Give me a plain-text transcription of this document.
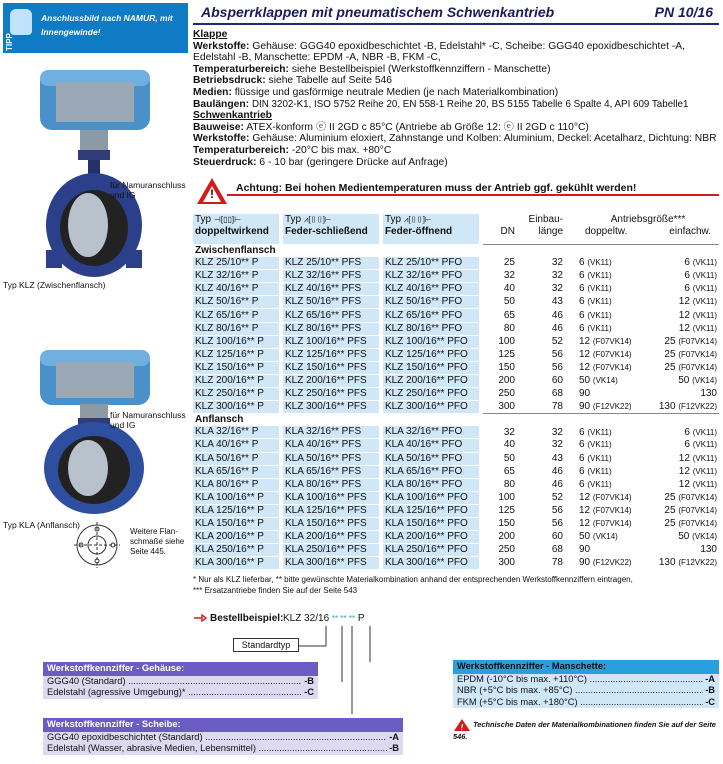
TIPP
Anschlussbild nach NAMUR, mit Innengewinde!
Absperrklappen mit pneumatischem Schwenkantrieb	PN 10/16
Klappe
Werkstoffe: Gehäuse: GGG40 epoxidbeschichtet -B, Edelstahl* -C, Scheibe: GGG40 epoxidbeschichtet -A, Edelstahl -B, Manschette: EPDM -A, NBR -B, FKM -C,
Temperaturbereich: siehe Bestellbeispiel (Werkstoffkennziffern - Manschette)
Betriebsdruck: siehe Tabelle auf Seite 546
Medien: flüssige und gasförmige neutrale Medien (je nach Materialkombination)
Baulängen: DIN 3202-K1, ISO 5752 Reihe 20, EN 558-1 Reihe 20, BS 5155 Tabelle 6 Spalte 4, API 609 Tabelle1
Schwenkantrieb
Bauweise: ATEX-konform ⓔ II 2GD c 85°C (Antriebe ab Größe 12: ⓔ II 2GD c 110°C)
Werkstoffe: Gehäuse: Aluminium eloxiert, Zahnstange und Kolben: Aluminium, Deckel: Acetalharz, Dichtung: NBR
Temperaturbereich: -20°C bis max. +80°C
Steuerdruck: 6 - 10 bar (geringere Drücke auf Anfrage)
!	Achtung: Bei hohen Medientemperaturen muss der Antrieb ggf. gekühlt werden!
für Namuranschluss und IG
Typ KLZ (Zwischenflansch)
für Namuranschluss und IG
Typ KLA (Anflansch)
Weitere Flan-schmaße siehe Seite 445.
Typ ⊣[▯▯]⊢
doppeltwirkend	Typ ⩘[▯▯]⊢
Feder-schließend	Typ ⩘[▯▯]⊢
Feder-öffnend	DN	Einbau-
länge	Antriebsgröße***
doppeltw. einfachw.	
Zwischenflansch						
KLZ 25/10** P	KLZ 25/10** PFS	KLZ 25/10** PFO	25	32	6 (VK11)	6 (VK11)
KLZ 32/16** P	KLZ 32/16** PFS	KLZ 32/16** PFO	32	32	6 (VK11)	6 (VK11)
KLZ 40/16** P	KLZ 40/16** PFS	KLZ 40/16** PFO	40	32	6 (VK11)	6 (VK11)
KLZ 50/16** P	KLZ 50/16** PFS	KLZ 50/16** PFO	50	43	6 (VK11)	12 (VK11)
KLZ 65/16** P	KLZ 65/16** PFS	KLZ 65/16** PFO	65	46	6 (VK11)	12 (VK11)
KLZ 80/16** P	KLZ 80/16** PFS	KLZ 80/16** PFO	80	46	6 (VK11)	12 (VK11)
KLZ 100/16** P	KLZ 100/16** PFS	KLZ 100/16** PFO	100	52	12 (F07VK14)	25 (F07VK14)
KLZ 125/16** P	KLZ 125/16** PFS	KLZ 125/16** PFO	125	56	12 (F07VK14)	25 (F07VK14)
KLZ 150/16** P	KLZ 150/16** PFS	KLZ 150/16** PFO	150	56	12 (F07VK14)	25 (F07VK14)
KLZ 200/16** P	KLZ 200/16** PFS	KLZ 200/16** PFO	200	60	50 (VK14)	50 (VK14)
KLZ 250/16** P	KLZ 250/16** PFS	KLZ 250/16** PFO	250	68	90	130
KLZ 300/16** P	KLZ 300/16** PFS	KLZ 300/16** PFO	300	78	90 (F12VK22)	130 (F12VK22)
Anflansch						
KLA 32/16** P	KLA 32/16** PFS	KLA 32/16** PFO	32	32	6 (VK11)	6 (VK11)
KLA 40/16** P	KLA 40/16** PFS	KLA 40/16** PFO	40	32	6 (VK11)	6 (VK11)
KLA 50/16** P	KLA 50/16** PFS	KLA 50/16** PFO	50	43	6 (VK11)	12 (VK11)
KLA 65/16** P	KLA 65/16** PFS	KLA 65/16** PFO	65	46	6 (VK11)	12 (VK11)
KLA 80/16** P	KLA 80/16** PFS	KLA 80/16** PFO	80	46	6 (VK11)	12 (VK11)
KLA 100/16** P	KLA 100/16** PFS	KLA 100/16** PFO	100	52	12 (F07VK14)	25 (F07VK14)
KLA 125/16** P	KLA 125/16** PFS	KLA 125/16** PFO	125	56	12 (F07VK14)	25 (F07VK14)
KLA 150/16** P	KLA 150/16** PFS	KLA 150/16** PFO	150	56	12 (F07VK14)	25 (F07VK14)
KLA 200/16** P	KLA 200/16** PFS	KLA 200/16** PFO	200	60	50 (VK14)	50 (VK14)
KLA 250/16** P	KLA 250/16** PFS	KLA 250/16** PFO	250	68	90	130
KLA 300/16** P	KLA 300/16** PFS	KLA 300/16** PFO	300	78	90 (F12VK22)	130 (F12VK22)
* Nur als KLZ lieferbar, ** bitte gewünschte Materialkombination anhand der entsprechenden Werkstoffkennziffern eintragen,
*** Ersatzantriebe finden Sie auf der Seite 543
Bestellbeispiel: KLZ 32/16 ** ** ** P
Standardtyp
Werkstoffkennziffer - Gehäuse:
GGG40 (Standard) .....	-B
Edelstahl (agressive Umgebung)* .....	-C
Werkstoffkennziffer - Scheibe:
GGG40 epoxidbeschichtet (Standard) .....	-A
Edelstahl (Wasser, abrasive Medien, Lebensmittel) .....	-B
Werkstoffkennziffer - Manschette:
EPDM (-10°C bis max. +110°C) .....	-A
NBR (+5°C bis max. +85°C) .....	-B
FKM (+5°C bis max. +180°C) .....	-C
! Technische Daten der Materialkombinationen finden Sie auf der Seite 546.
